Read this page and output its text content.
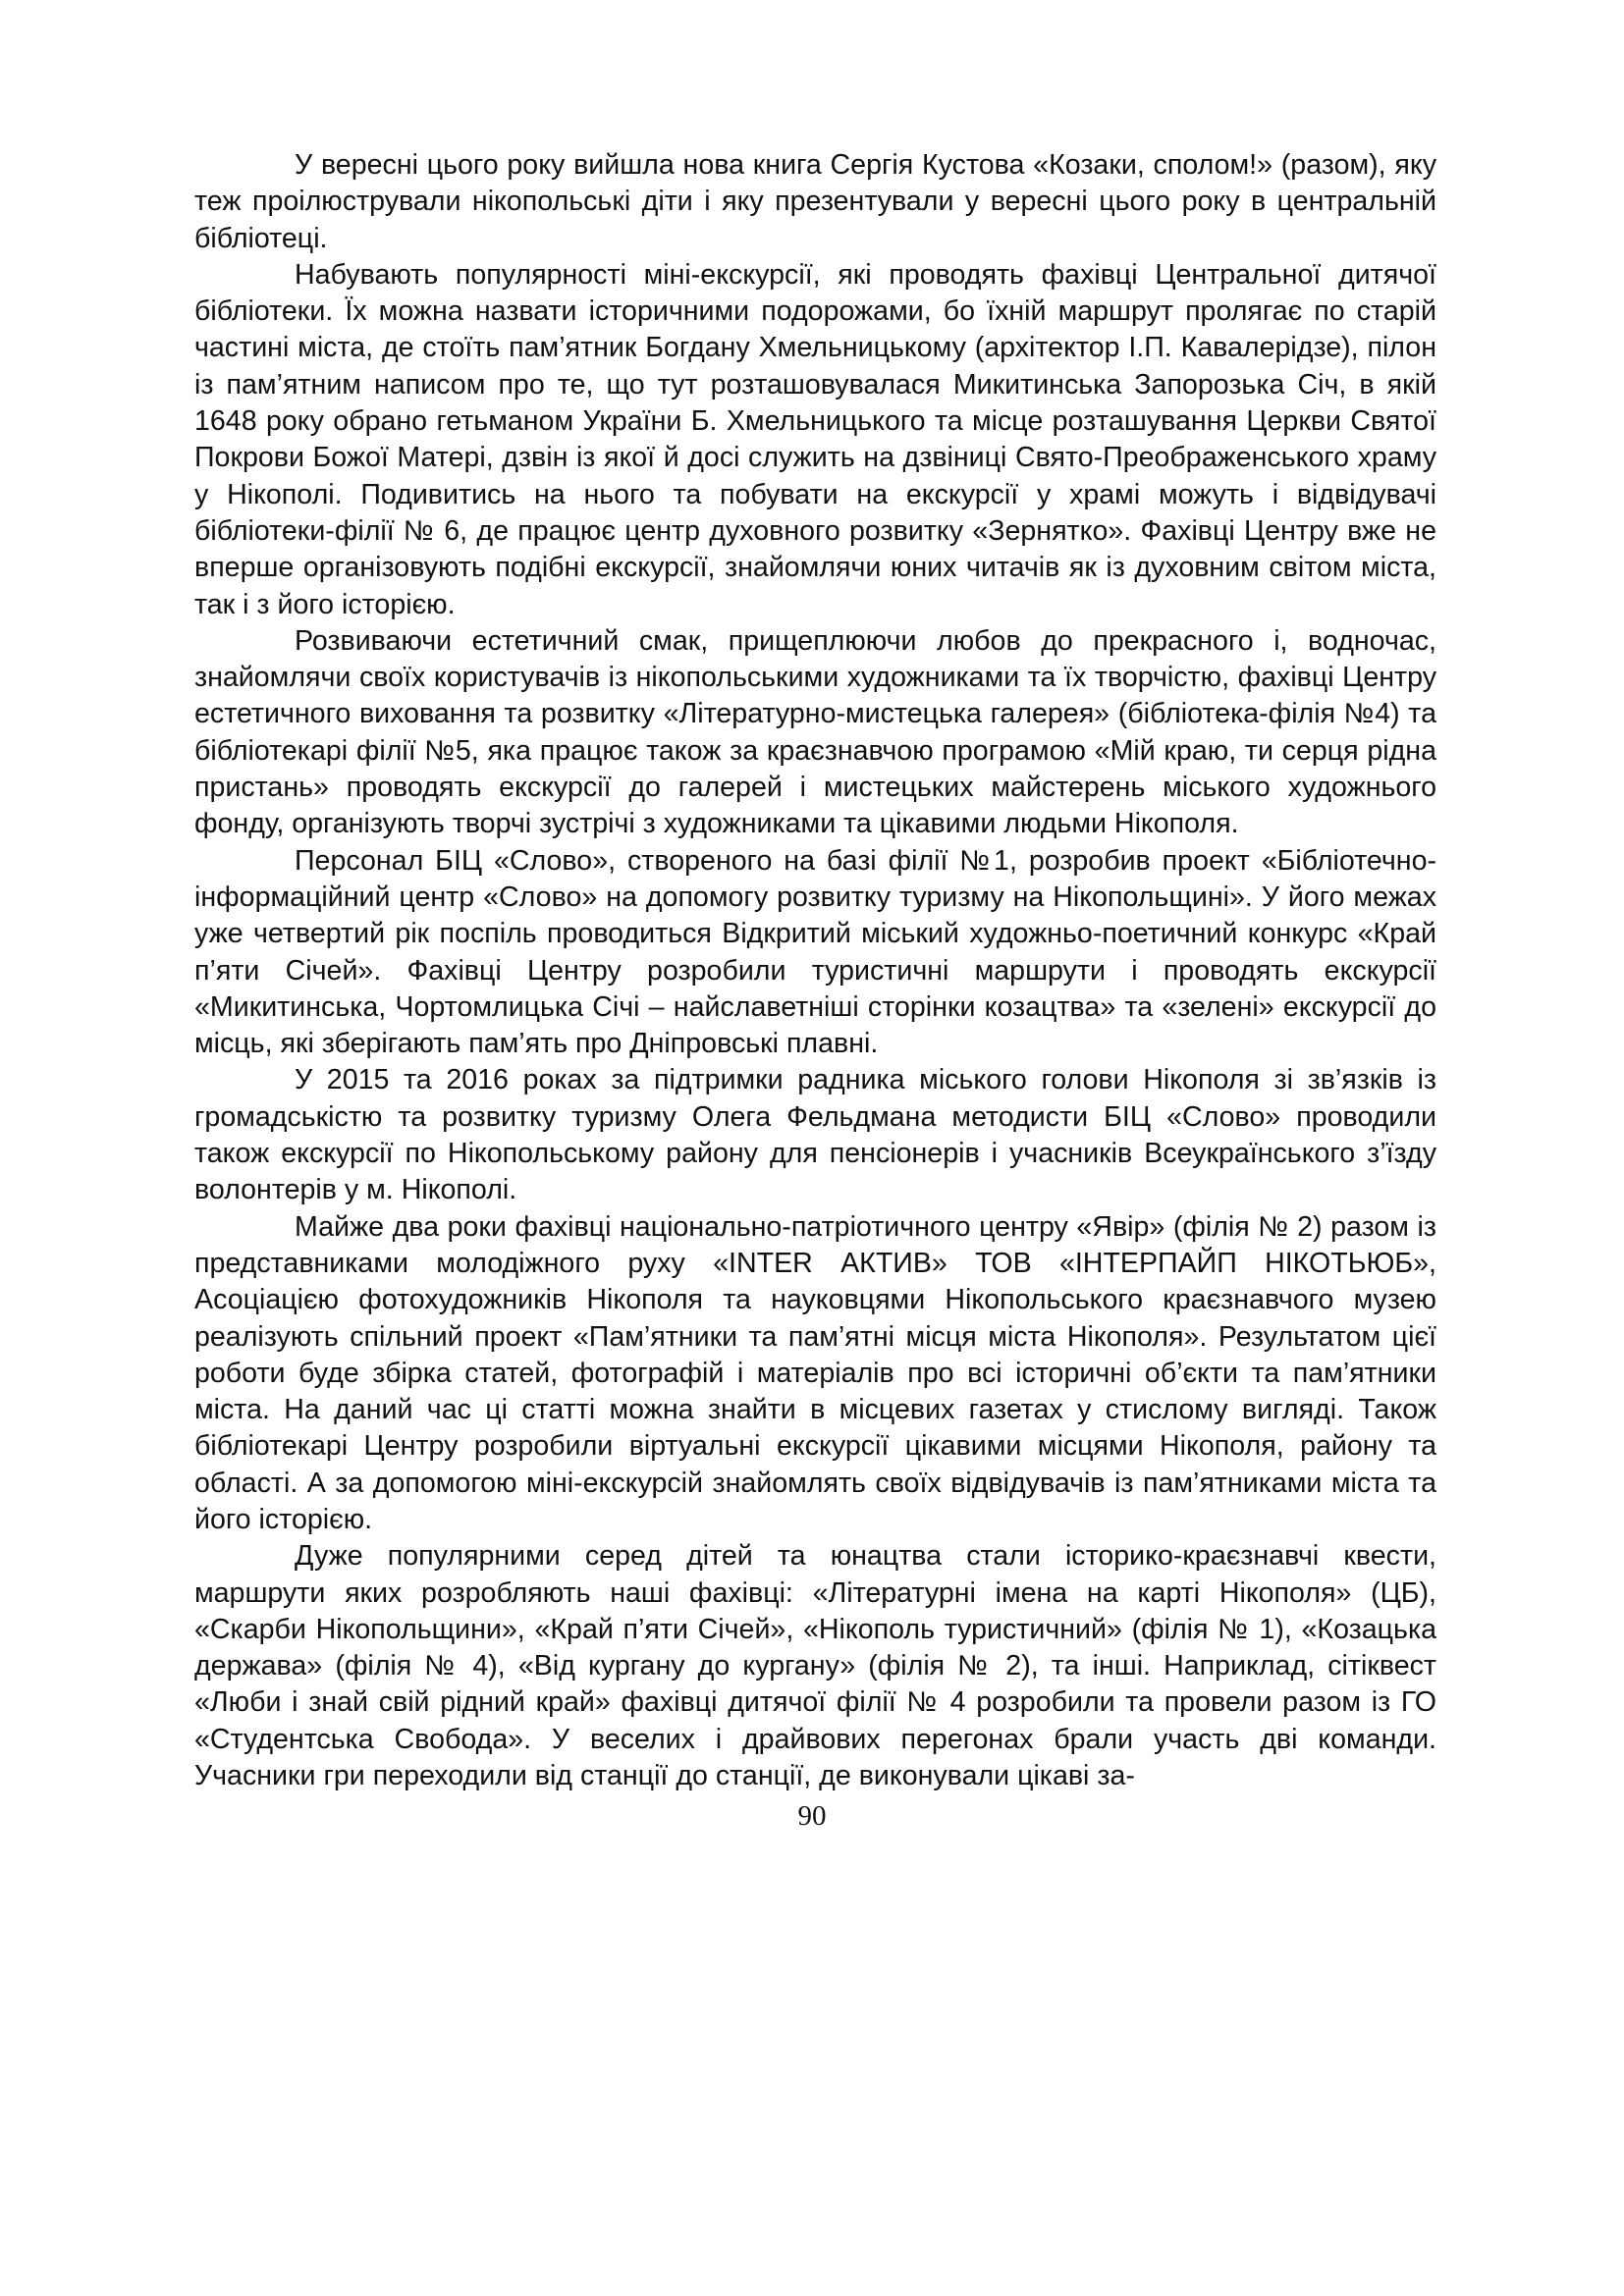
У вересні цього року вийшла нова книга Сергія Кустова «Козаки, сполом!» (разом), яку теж проілюстрували нікопольські діти і яку презентували у вересні цього року в центральній бібліотеці.

Набувають популярності міні-екскурсії, які проводять фахівці Центральної дитячої бібліотеки. Їх можна назвати історичними подорожами, бо їхній маршрут пролягає по старій частині міста, де стоїть пам’ятник Богдану Хмельницькому (архітектор І.П. Кавалерідзе), пілон із пам’ятним написом про те, що тут розташовувалася Микитинська Запорозька Січ, в якій 1648 року обрано гетьманом України Б. Хмельницького та місце розташування Церкви Святої Покрови Божої Матері, дзвін із якої й досі служить на дзвіниці Свято-Преображенського храму у Нікополі. Подивитись на нього та побувати на екскурсії у храмі можуть і відвідувачі бібліотеки-філії № 6, де працює центр духовного розвитку «Зернятко». Фахівці Центру вже не вперше організовують подібні екскурсії, знайомлячи юних читачів як із духовним світом міста, так і з його історією.

Розвиваючи естетичний смак, прищеплюючи любов до прекрасного і, водночас, знайомлячи своїх користувачів із нікопольськими художниками та їх творчістю, фахівці Центру естетичного виховання та розвитку «Літературно-мистецька галерея» (бібліотека-філія №4) та бібліотекарі філії №5, яка працює також за краєзнавчою програмою «Мій краю, ти серця рідна пристань» проводять екскурсії до галерей і мистецьких майстерень міського художнього фонду, організують творчі зустрічі з художниками та цікавими людьми Нікополя.

Персонал БІЦ «Слово», створеного на базі філії №1, розробив проект «Бібліотечно-інформаційний центр «Слово» на допомогу розвитку туризму на Нікопольщині». У його межах уже четвертий рік поспіль проводиться Відкритий міський художньо-поетичний конкурс «Край п’яти Січей». Фахівці Центру розробили туристичні маршрути і проводять екскурсії «Микитинська, Чортомлицька Січі – найславетніші сторінки козацтва» та «зелені» екскурсії до місць, які зберігають пам’ять про Дніпровські плавні.

У 2015 та 2016 роках за підтримки радника міського голови Нікополя зі зв’язків із громадськістю та розвитку туризму Олега Фельдмана методисти БІЦ «Слово» проводили також екскурсії по Нікопольському району для пенсіонерів і учасників Всеукраїнського з’їзду волонтерів у м. Нікополі.

Майже два роки фахівці національно-патріотичного центру «Явір» (філія № 2) разом із представниками молодіжного руху «INTER АКТИВ» ТОВ «ІНТЕРПАЙП НІКОТЬЮБ», Асоціацією фотохудожників Нікополя та науковцями Нікопольського краєзнавчого музею реалізують спільний проект «Пам’ятники та пам’ятні місця міста Нікополя». Результатом цієї роботи буде збірка статей, фотографій і матеріалів про всі історичні об’єкти та пам’ятники міста. На даний час ці статті можна знайти в місцевих газетах у стислому вигляді. Також бібліотекарі Центру розробили віртуальні екскурсії цікавими місцями Нікополя, району та області. А за допомогою міні-екскурсій знайомлять своїх відвідувачів із пам’ятниками міста та його історією.

Дуже популярними серед дітей та юнацтва стали історико-краєзнавчі квести, маршрути яких розробляють наші фахівці: «Літературні імена на карті Нікополя» (ЦБ), «Скарби Нікопольщини», «Край п’яти Січей», «Нікополь туристичний» (філія № 1), «Козацька держава» (філія № 4), «Від кургану до кургану» (філія № 2), та інші. Наприклад, сітіквест «Люби і знай свій рідний край» фахівці дитячої філії № 4 розробили та провели разом із ГО «Студентська Свобода». У веселих і драйвових перегонах брали участь дві команди. Учасники гри переходили від станції до станції, де виконували цікаві за-

90
